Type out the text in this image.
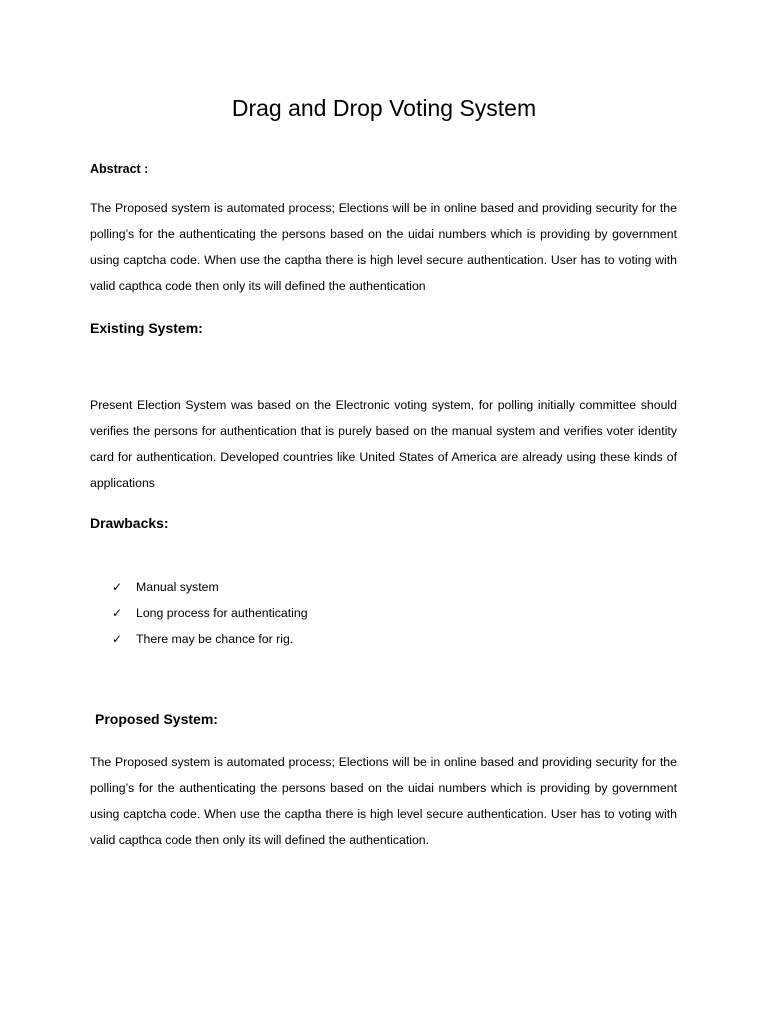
Drag and Drop Voting System
Abstract :
The Proposed system is automated process; Elections will be in online based and providing security for the polling’s for the authenticating the persons based on the uidai numbers which is providing by government using captcha code. When use the captha there is high level secure authentication. User has to voting with valid capthca code then only its will defined the authentication
Existing System:
Present Election System was based on the Electronic voting system, for polling initially committee should verifies the persons for authentication that is purely based on the manual system and verifies voter identity card for authentication. Developed countries like United States of America are already using these kinds of applications
Drawbacks:
✓ Manual system
✓ Long process for authenticating
✓ There may be chance for rig.
Proposed System:
The Proposed system is automated process; Elections will be in online based and providing security for the polling’s for the authenticating the persons based on the uidai numbers which is providing by government using captcha code. When use the captha there is high level secure authentication. User has to voting with valid capthca code then only its will defined the authentication.
